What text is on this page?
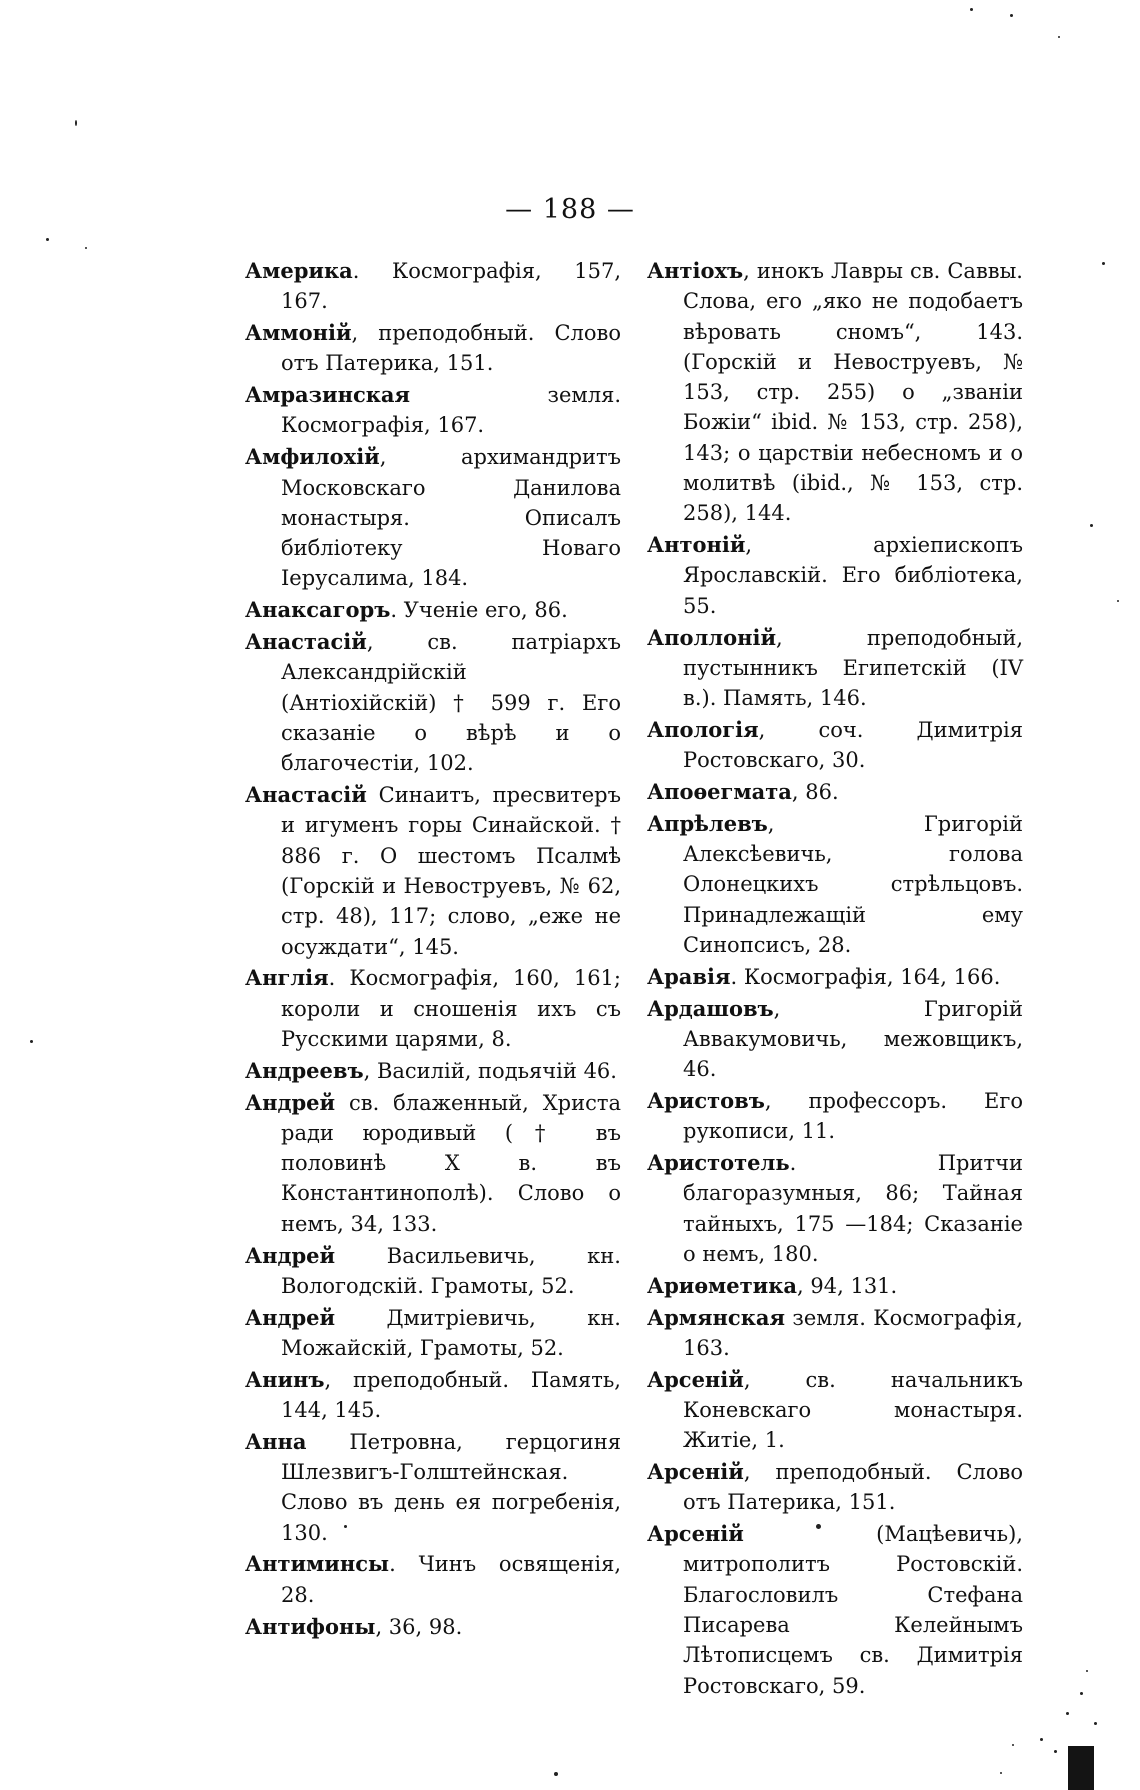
— 188 —

Америка. Космографія, 157, 167.

Аммоній, преподобный. Слово отъ Патерика, 151.

Амразинская	земля. Космографія, 167.

Амфилохій, архимандритъ Московскаго Данилова монастыря. Описалъ библіотеку Новаго Іерусалима, 184.

Анаксагоръ. Ученіе его, 86.

Анастасій, св. патріархъ Александрійскій (Антіохійскій) † 599 г. Его сказаніе о вѣрѣ и о благочестіи, 102.

Анастасій Синаитъ, пресвитеръ и игуменъ горы Синайской. † 886 г. О шестомъ Псалмѣ (Горскій и Невоструевъ, № 62, стр. 48), 117; слово, „еже не осуждати“, 145.

Англія. Космографія, 160, 161; короли и сношенія ихъ съ Русскими царями, 8.

Андреевъ, Василій, подьячій 46.

Андрей св. блаженный, Христа ради юродивый († въ половинѣ X в. въ Константинополѣ). Слово о немъ, 34, 133.

Андрей Васильевичь, кн. Вологодскій. Грамоты, 52.

Андрей Дмитріевичь, кн. Можайскій, Грамоты, 52.

Анинъ, преподобный. Память, 144, 145.

Анна Петровна, герцогиня Шлезвигъ-Голштейнская. Слово въ день ея погребенія, 130.

Антиминсы. Чинъ освященія, 28.

Антифоны, 36, 98.

Антіохъ, инокъ Лавры св. Саввы. Слова, его „яко не подобаетъ вѣровать сномъ“, 143. (Горскій и Невоструевъ, № 153, стр. 255) о „званіи Божіи“ ibid. № 153, стр. 258), 143; о царствіи небесномъ и о молитвѣ (ibid., № 153, стр. 258), 144.

Антоній, архіепископъ Ярославскій. Его библіотека, 55.

Аполлоній, преподобный, пустынникъ Египетскій (IV в.). Память, 146.

Апологія, соч. Димитрія Ростовскаго, 30.

Апоѳегмата, 86.

Апрѣлевъ, Григорій Алексѣевичь, голова Олонецкихъ стрѣльцовъ. Принадлежащій ему Синопсисъ, 28.

Аравія. Космографія, 164, 166.

Ардашовъ, Григорій Аввакумовичь, межовщикъ, 46.

Аристовъ, профессоръ. Его рукописи, 11.

Аристотель. Притчи благоразумныя, 86; Тайная тайныхъ, 175 —184; Сказаніе о немъ, 180.

Ариѳметика, 94, 131.

Армянская земля. Космографія, 163.

Арсеній, св. начальникъ Коневскаго монастыря. Житіе, 1.

Арсеній, преподобный. Слово отъ Патерика, 151.

Арсеній	(Мацѣевичь), митрополитъ Ростовскій. Благословилъ Стефана Писарева Келейнымъ Лѣтописцемъ св. Димитрія Ростовскаго, 59.
